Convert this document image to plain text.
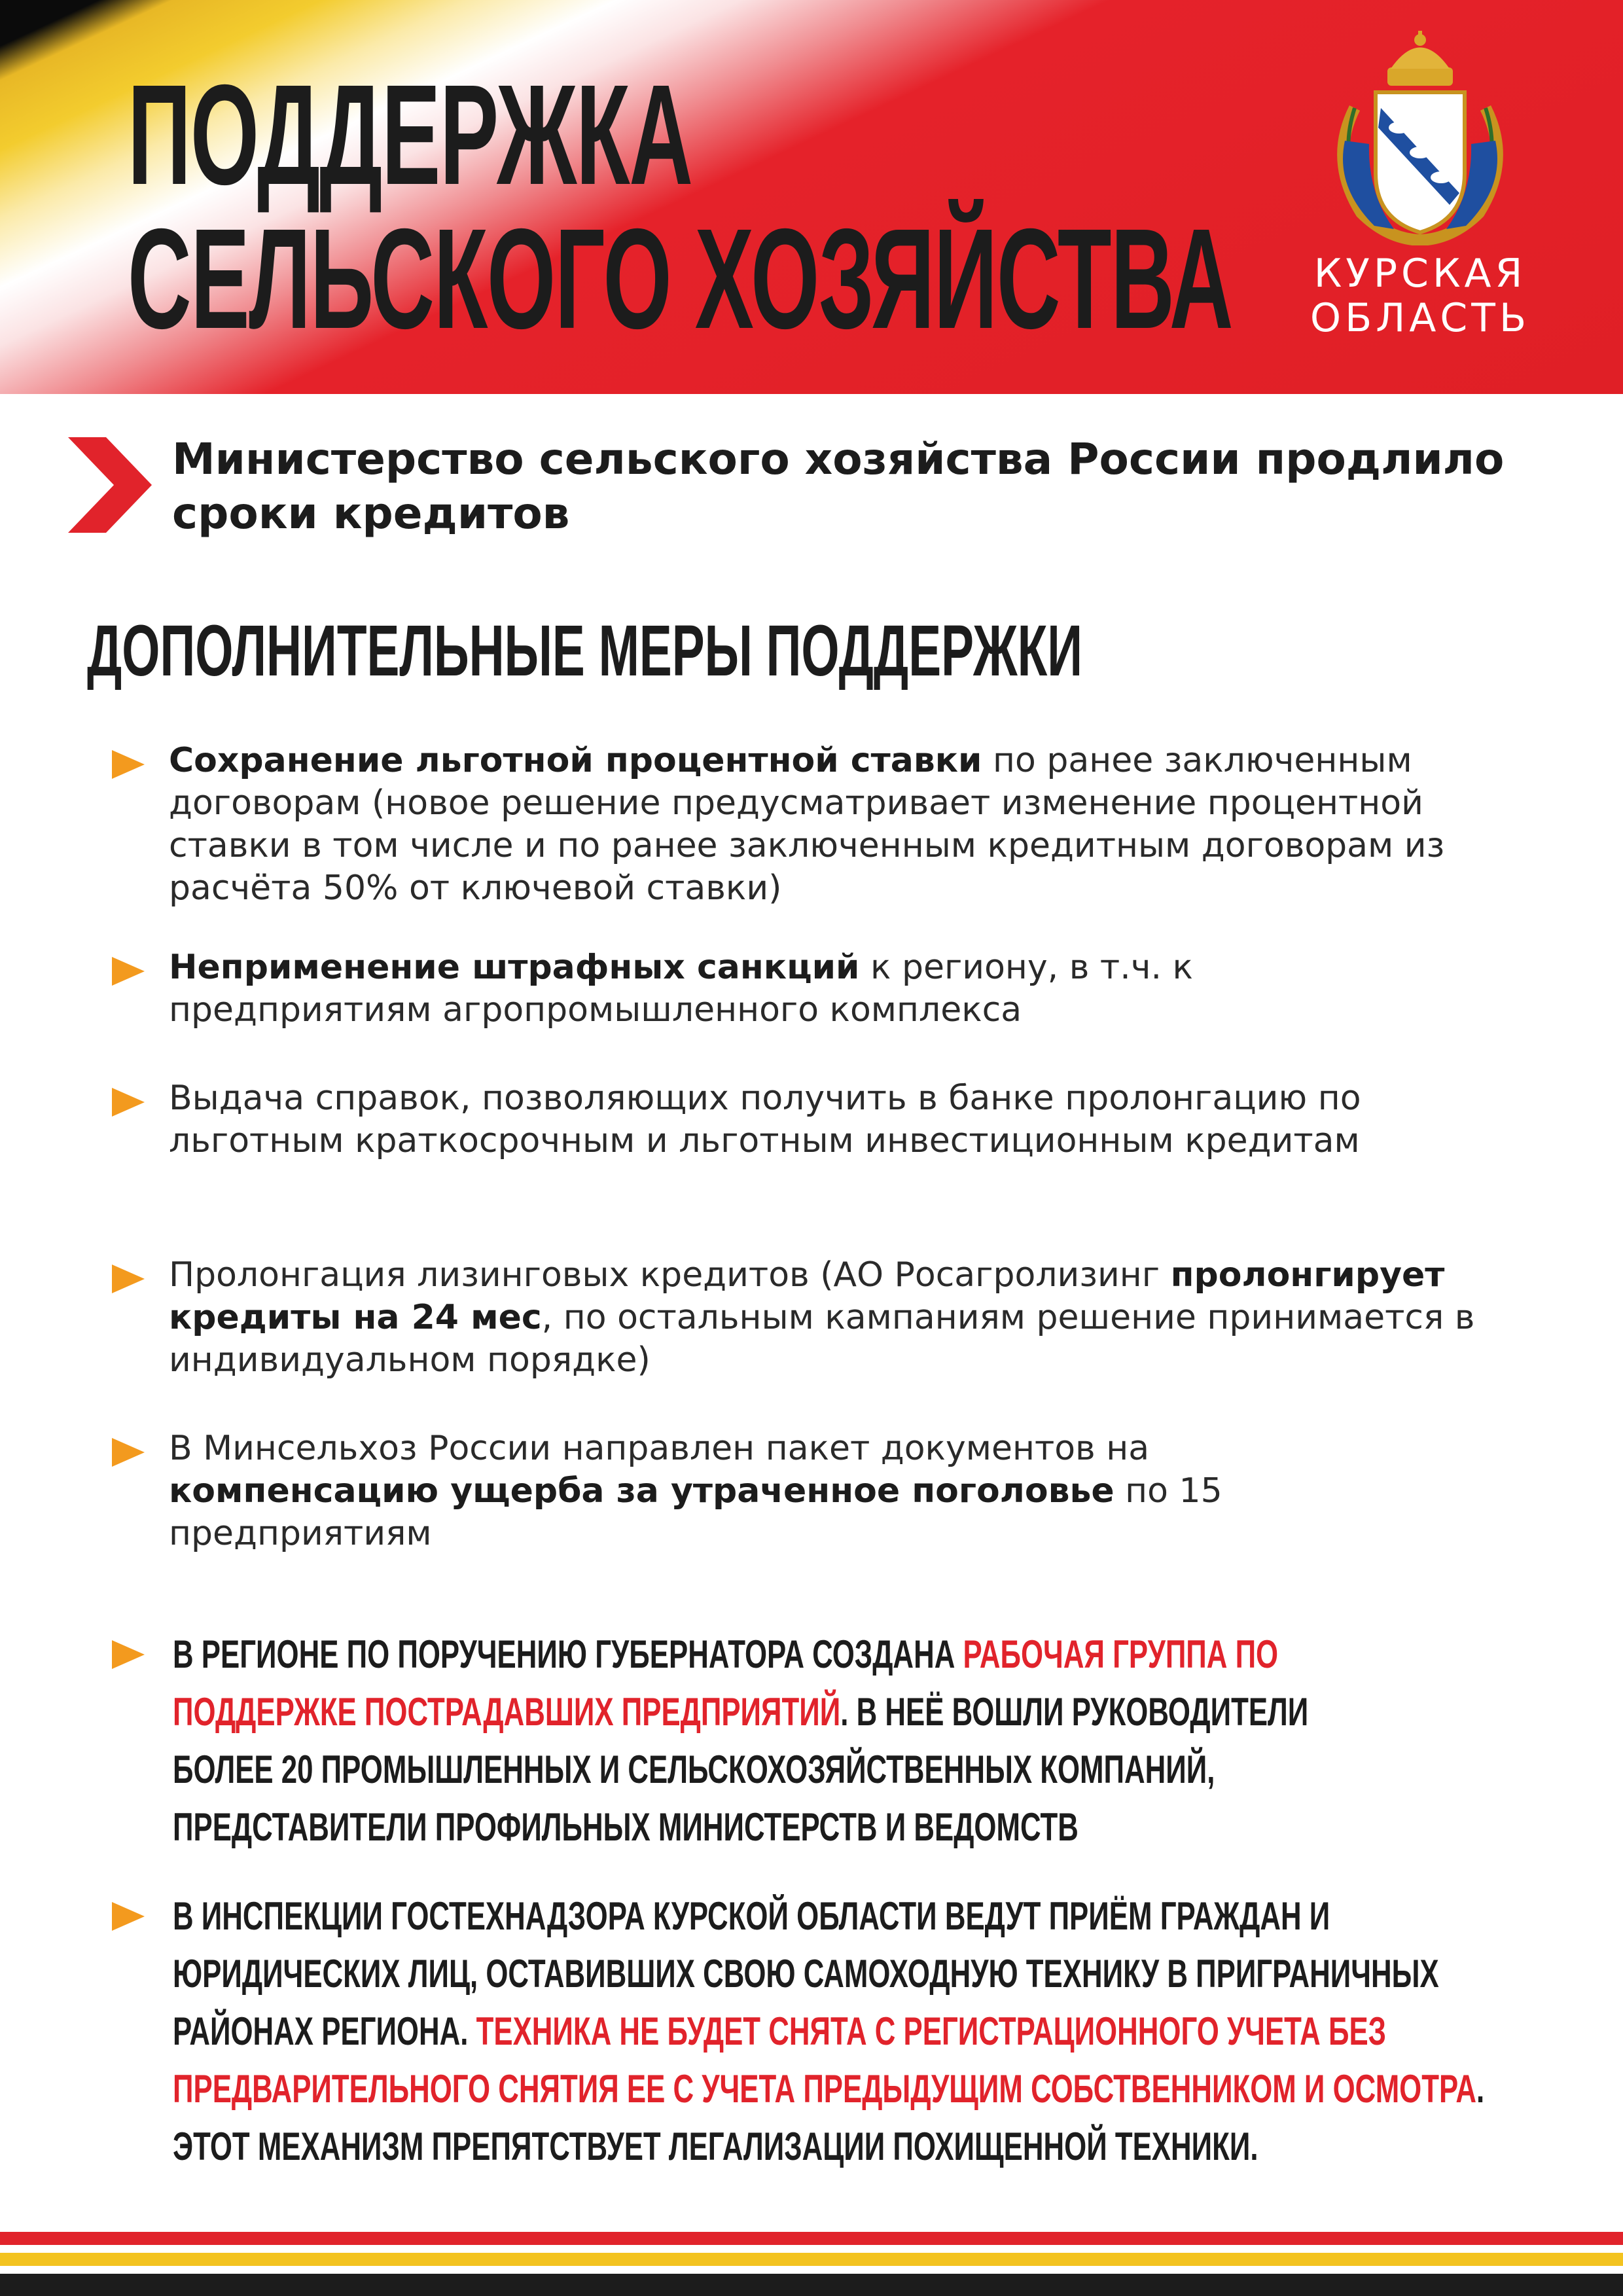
ПОДДЕРЖКА
СЕЛЬСКОГО ХОЗЯЙСТВА КУРСКАЯ

ОБЛАСТЬ

Министерство сельского хозяйства России продлило сроки кредитов

ДОПОЛНИТЕЛЬНЫЕ МЕРЫ ПОДДЕРЖКИ

Сохранение льготной процентной ставки по ранее заключенным договорам (новое решение предусматривает изменение процентной ставки в том числе и по ранее заключенным кредитным договорам из расчёта 50% от ключевой ставки)

Неприменение штрафных санкций к региону, в т.ч. к предприятиям агропромышленного комплекса

Выдача справок, позволяющих получить в банке пролонгацию по льготным краткосрочным и льготным инвестиционным кредитам

Пролонгация лизинговых кредитов (АО Росагролизинг пролонгирует кредиты на 24 мес, по остальным кампаниям решение принимается в индивидуальном порядке)

В Минсельхоз России направлен пакет документов на компенсацию ущерба за утраченное поголовье по 15 предприятиям

В РЕГИОНЕ ПО ПОРУЧЕНИЮ ГУБЕРНАТОРА СОЗДАНА РАБОЧАЯ ГРУППА ПО ПОДДЕРЖКЕ ПОСТРАДАВШИХ ПРЕДПРИЯТИЙ. В НЕЁ ВОШЛИ РУКОВОДИТЕЛИ БОЛЕЕ 20 ПРОМЫШЛЕННЫХ И СЕЛЬСКОХОЗЯЙСТВЕННЫХ КОМПАНИЙ, ПРЕДСТАВИТЕЛИ ПРОФИЛЬНЫХ МИНИСТЕРСТВ И ВЕДОМСТВ

В ИНСПЕКЦИИ ГОСТЕХНАДЗОРА КУРСКОЙ ОБЛАСТИ ВЕДУТ ПРИЁМ ГРАЖДАН И ЮРИДИЧЕСКИХ ЛИЦ, ОСТАВИВШИХ СВОЮ САМОХОДНУЮ ТЕХНИКУ В ПРИГРАНИЧНЫХ РАЙОНАХ РЕГИОНА. ТЕХНИКА НЕ БУДЕТ СНЯТА С РЕГИСТРАЦИОННОГО УЧЕТА БЕЗ ПРЕДВАРИТЕЛЬНОГО СНЯТИЯ ЕЕ С УЧЕТА ПРЕДЫДУЩИМ СОБСТВЕННИКОМ И ОСМОТРА. ЭТОТ МЕХАНИЗМ ПРЕПЯТСТВУЕТ ЛЕГАЛИЗАЦИИ ПОХИЩЕННОЙ ТЕХНИКИ.
